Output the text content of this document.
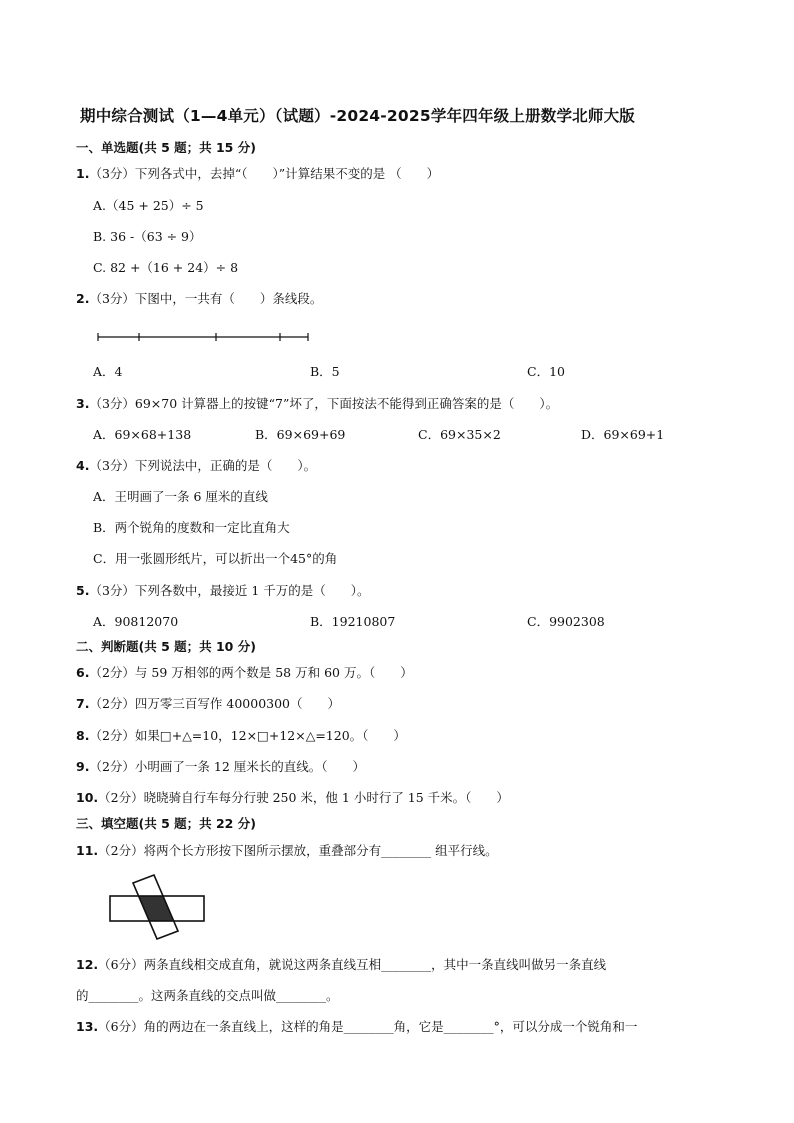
期中综合测试（1—4单元）（试题）-2024-2025学年四年级上册数学北师大版
一、单选题(共 5 题；共 15 分)
1.（3分）下列各式中，去掉“（　　）”计算结果不变的是 （　　）
A.（45 + 25）÷ 5
B. 36 -（63 ÷ 9）
C. 82 +（16 + 24）÷ 8
2.（3分）下图中，一共有（　　）条线段。
A．4	B．5	C．10
3.（3分）69×70 计算器上的按键“7”坏了，下面按法不能得到正确答案的是（　　）。
A．69×68+138	B．69×69+69	C．69×35×2	D．69×69+1
4.（3分）下列说法中，正确的是（　　）。
A．王明画了一条 6 厘米的直线
B．两个锐角的度数和一定比直角大
C．用一张圆形纸片，可以折出一个45°的角
5.（3分）下列各数中，最接近 1 千万的是（　　）。
A．90812070	B．19210807	C．9902308
二、判断题(共 5 题；共 10 分)
6.（2分）与 59 万相邻的两个数是 58 万和 60 万。（　　）
7.（2分）四万零三百写作 40000300（　　）
8.（2分）如果□+△=10，12×□+12×△=120。（　　）
9.（2分）小明画了一条 12 厘米长的直线。（　　）
10.（2分）晓晓骑自行车每分行驶 250 米，他 1 小时行了 15 千米。（　　）
三、填空题(共 5 题；共 22 分)
11.（2分）将两个长方形按下图所示摆放，重叠部分有________ 组平行线。
12.（6分）两条直线相交成直角，就说这两条直线互相________，其中一条直线叫做另一条直线
的________。这两条直线的交点叫做________。
13.（6分）角的两边在一条直线上，这样的角是________角，它是________°，可以分成一个锐角和一
